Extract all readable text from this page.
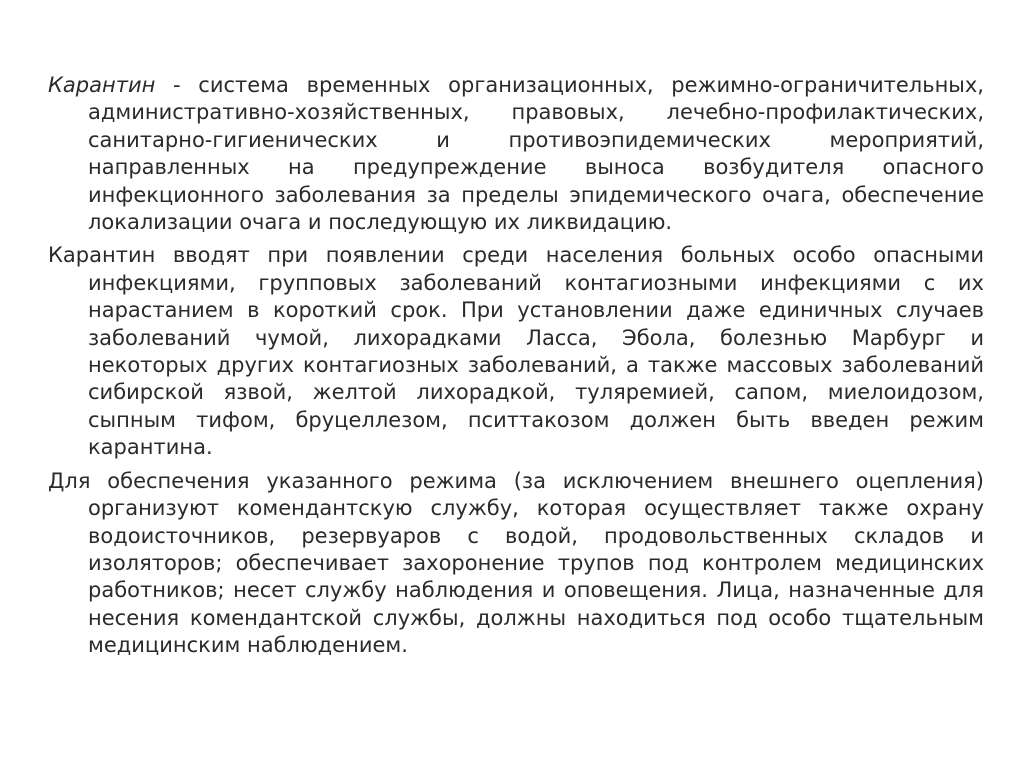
Карантин - система временных организационных, режимно-ограничительных, административно-хозяйственных, правовых, лечебно-профилактических, санитарно-гигиенических и противоэпидемических мероприятий, направленных на предупреждение выноса возбудителя опасного инфекционного заболевания за пределы эпидемического очага, обеспечение локализации очага и последующую их ликвидацию.

Карантин вводят при появлении среди населения больных особо опасными инфекциями, групповых заболеваний контагиозными инфекциями с их нарастанием в короткий срок. При установлении даже единичных случаев заболеваний чумой, лихорадками Ласса, Эбола, болезнью Марбург и некоторых других контагиозных заболеваний, а также массовых заболеваний сибирской язвой, желтой лихорадкой, туляремией, сапом, миелоидозом, сыпным тифом, бруцеллезом, пситтакозом должен быть введен режим карантина.

Для обеспечения указанного режима (за исключением внешнего оцепления) организуют комендантскую службу, которая осуществляет также охрану водоисточников, резервуаров с водой, продовольственных складов и изоляторов; обеспечивает захоронение трупов под контролем медицинских работников; несет службу наблюдения и оповещения. Лица, назначенные для несения комендантской службы, должны находиться под особо тщательным медицинским наблюдением.
